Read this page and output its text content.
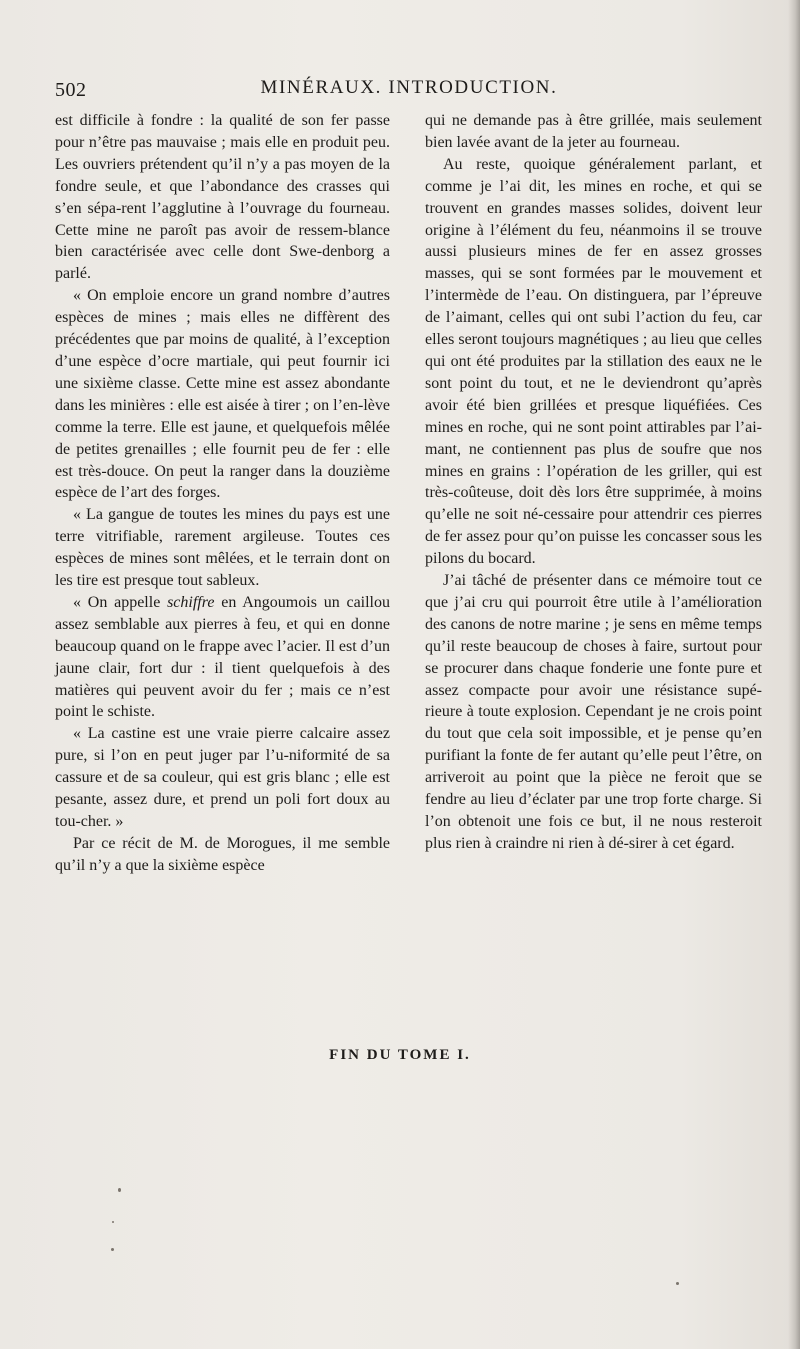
502	MINÉRAUX. INTRODUCTION.

est difficile à fondre : la qualité de son fer passe pour n’être pas mauvaise ; mais elle en produit peu. Les ouvriers prétendent qu’il n’y a pas moyen de la fondre seule, et que l’abondance des crasses qui s’en sépa-rent l’agglutine à l’ouvrage du fourneau. Cette mine ne paroît pas avoir de ressem-blance bien caractérisée avec celle dont Swe-denborg a parlé.

« On emploie encore un grand nombre d’autres espèces de mines ; mais elles ne diffèrent des précédentes que par moins de qualité, à l’exception d’une espèce d’ocre martiale, qui peut fournir ici une sixième classe. Cette mine est assez abondante dans les minières : elle est aisée à tirer ; on l’en-lève comme la terre. Elle est jaune, et quelquefois mêlée de petites grenailles ; elle fournit peu de fer : elle est très-douce. On peut la ranger dans la douzième espèce de l’art des forges.

« La gangue de toutes les mines du pays est une terre vitrifiable, rarement argileuse. Toutes ces espèces de mines sont mêlées, et le terrain dont on les tire est presque tout sableux.

« On appelle schiffre en Angoumois un caillou assez semblable aux pierres à feu, et qui en donne beaucoup quand on le frappe avec l’acier. Il est d’un jaune clair, fort dur : il tient quelquefois à des matières qui peuvent avoir du fer ; mais ce n’est point le schiste.

« La castine est une vraie pierre calcaire assez pure, si l’on en peut juger par l’u-niformité de sa cassure et de sa couleur, qui est gris blanc ; elle est pesante, assez dure, et prend un poli fort doux au tou-cher. »

Par ce récit de M. de Morogues, il me semble qu’il n’y a que la sixième espèce

qui ne demande pas à être grillée, mais seulement bien lavée avant de la jeter au fourneau.

Au reste, quoique généralement parlant, et comme je l’ai dit, les mines en roche, et qui se trouvent en grandes masses solides, doivent leur origine à l’élément du feu, néanmoins il se trouve aussi plusieurs mines de fer en assez grosses masses, qui se sont formées par le mouvement et l’intermède de l’eau. On distinguera, par l’épreuve de l’aimant, celles qui ont subi l’action du feu, car elles seront toujours magnétiques ; au lieu que celles qui ont été produites par la stillation des eaux ne le sont point du tout, et ne le deviendront qu’après avoir été bien grillées et presque liquéfiées. Ces mines en roche, qui ne sont point attirables par l’ai-mant, ne contiennent pas plus de soufre que nos mines en grains : l’opération de les griller, qui est très-coûteuse, doit dès lors être supprimée, à moins qu’elle ne soit né-cessaire pour attendrir ces pierres de fer assez pour qu’on puisse les concasser sous les pilons du bocard.

J’ai tâché de présenter dans ce mémoire tout ce que j’ai cru qui pourroit être utile à l’amélioration des canons de notre marine ; je sens en même temps qu’il reste beaucoup de choses à faire, surtout pour se procurer dans chaque fonderie une fonte pure et assez compacte pour avoir une résistance supé-rieure à toute explosion. Cependant je ne crois point du tout que cela soit impossible, et je pense qu’en purifiant la fonte de fer autant qu’elle peut l’être, on arriveroit au point que la pièce ne feroit que se fendre au lieu d’éclater par une trop forte charge. Si l’on obtenoit une fois ce but, il ne nous resteroit plus rien à craindre ni rien à dé-sirer à cet égard.

FIN DU TOME I.
